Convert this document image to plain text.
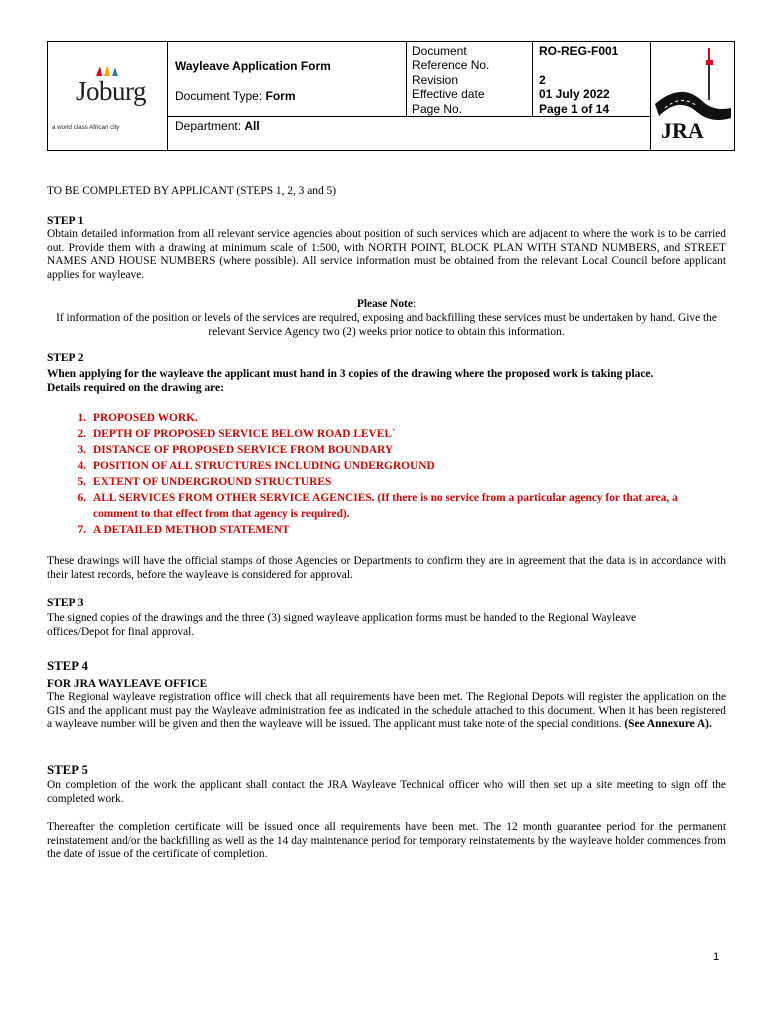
Joburg
a world class African city
Wayleave Application Form
Document Type: Form
Department: All
Document
Reference No.
Revision
Effective date
Page No.
RO-REG-F001

2
01 July 2022
Page 1 of 14
JRA
TO BE COMPLETED BY APPLICANT (STEPS 1, 2, 3 and 5)
STEP 1
Obtain detailed information from all relevant service agencies about position of such services which are adjacent to where the work is to be carried out. Provide them with a drawing at minimum scale of 1:500, with NORTH POINT, BLOCK PLAN WITH STAND NUMBERS, and STREET NAMES AND HOUSE NUMBERS (where possible). All service information must be obtained from the relevant Local Council before applicant applies for wayleave.
Please Note:
If information of the position or levels of the services are required, exposing and backfilling these services must be undertaken by hand. Give the relevant Service Agency two (2) weeks prior notice to obtain this information.
STEP 2
When applying for the wayleave the applicant must hand in 3 copies of the drawing where the proposed work is taking place. Details required on the drawing are:
1. PROPOSED WORK.
2. DEPTH OF PROPOSED SERVICE BELOW ROAD LEVEL`
3. DISTANCE OF PROPOSED SERVICE FROM BOUNDARY
4. POSITION OF ALL STRUCTURES INCLUDING UNDERGROUND
5. EXTENT OF UNDERGROUND STRUCTURES
6. ALL SERVICES FROM OTHER SERVICE AGENCIES. (If there is no service from a particular agency for that area, a comment to that effect from that agency is required).
7. A DETAILED METHOD STATEMENT
These drawings will have the official stamps of those Agencies or Departments to confirm they are in agreement that the data is in accordance with their latest records, before the wayleave is considered for approval.
STEP 3
The signed copies of the drawings and the three (3) signed wayleave application forms must be handed to the Regional Wayleave offices/Depot for final approval.
STEP 4
FOR JRA WAYLEAVE OFFICE
The Regional wayleave registration office will check that all requirements have been met. The Regional Depots will register the application on the GIS and the applicant must pay the Wayleave administration fee as indicated in the schedule attached to this document. When it has been registered a wayleave number will be given and then the wayleave will be issued. The applicant must take note of the special conditions. (See Annexure A).
STEP 5
On completion of the work the applicant shall contact the JRA Wayleave Technical officer who will then set up a site meeting to sign off the completed work.
Thereafter the completion certificate will be issued once all requirements have been met. The 12 month guarantee period for the permanent reinstatement and/or the backfilling as well as the 14 day maintenance period for temporary reinstatements by the wayleave holder commences from the date of issue of the certificate of completion.
1
